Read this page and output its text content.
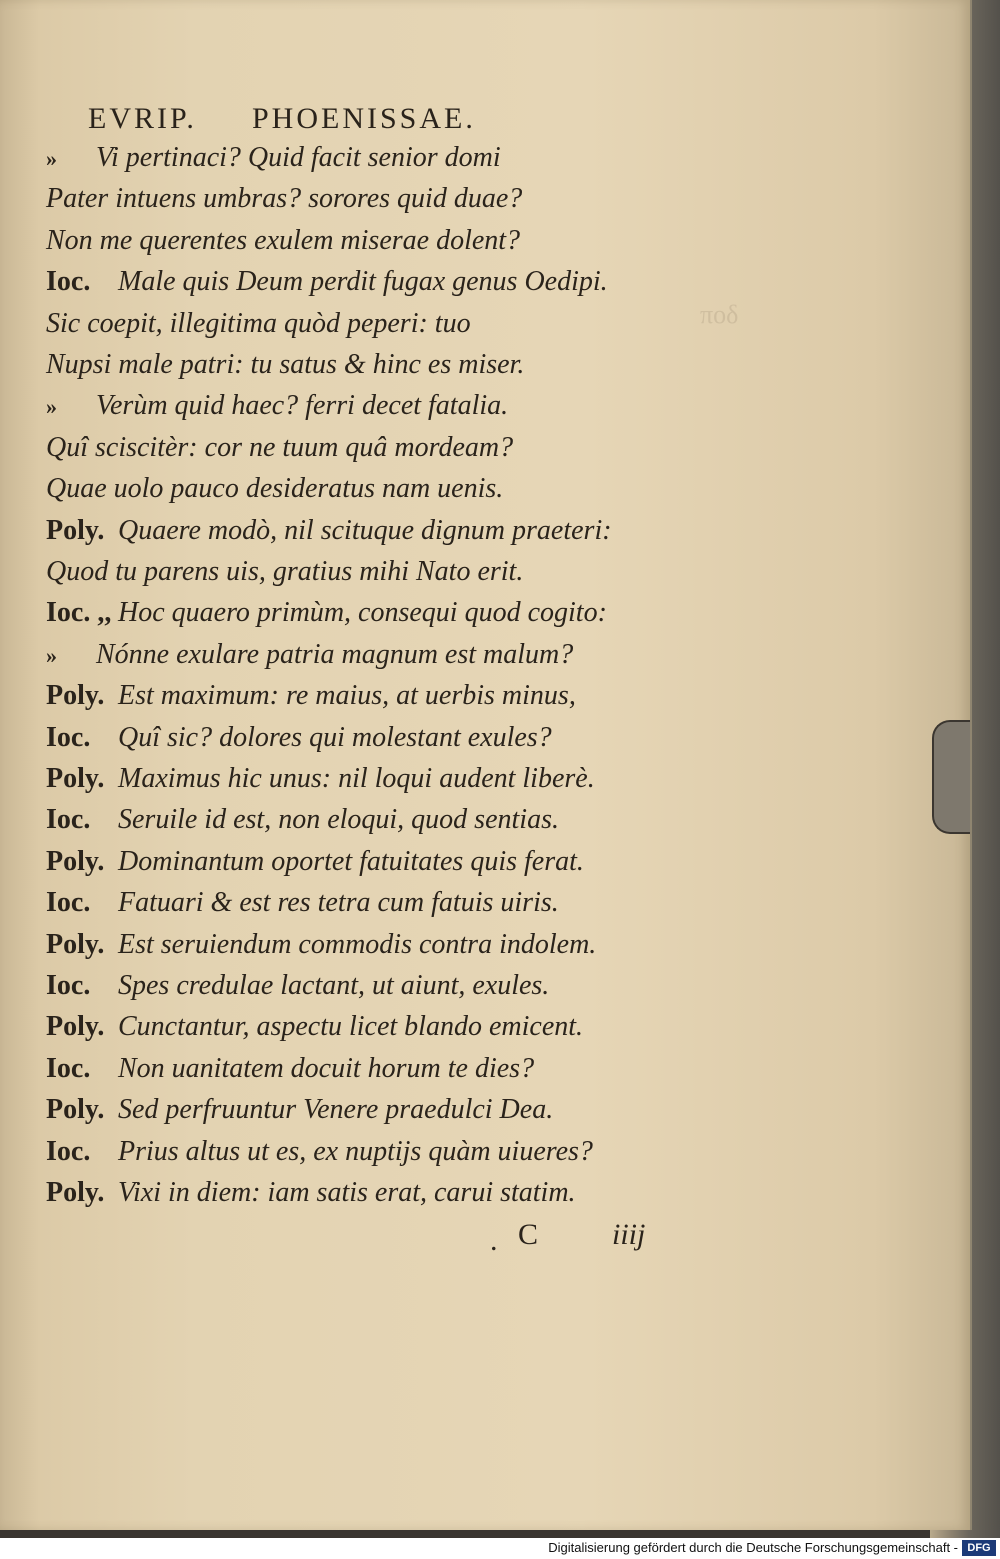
ποδ
EVRIP. PHOENISSAE.
» Vi pertinaci? Quid facit senior domi
Pater intuens umbras? sorores quid duae?
Non me querentes exulem miserae dolent?
Ioc. Male quis Deum perdit fugax genus Oedipi.
Sic coepit, illegitima quòd peperi: tuo
Nupsi male patri: tu satus & hinc es miser.
» Verùm quid haec? ferri decet fatalia.
Quî sciscitèr: cor ne tuum quâ mordeam?
Quae uolo pauco desideratus nam uenis.
Poly. Quaere modò, nil scituque dignum praeteri:
Quod tu parens uis, gratius mihi Nato erit.
Ioc. ,, Hoc quaero primùm, consequi quod cogito:
» Nónne exulare patria magnum est malum?
Poly. Est maximum: re maius, at uerbis minus,
Ioc. Quî sic? dolores qui molestant exules?
Poly. Maximus hic unus: nil loqui audent liberè.
Ioc. Seruile id est, non eloqui, quod sentias.
Poly. Dominantum oportet fatuitates quis ferat.
Ioc. Fatuari & est res tetra cum fatuis uiris.
Poly. Est seruiendum commodis contra indolem.
Ioc. Spes credulae lactant, ut aiunt, exules.
Poly. Cunctantur, aspectu licet blando emicent.
Ioc. Non uanitatem docuit horum te dies?
Poly. Sed perfruuntur Venere praedulci Dea.
Ioc. Prius altus ut es, ex nuptijs quàm uiueres?
Poly. Vixi in diem: iam satis erat, carui statim.
. C iiij
Digitalisierung gefördert durch die Deutsche Forschungsgemeinschaft - DFG
